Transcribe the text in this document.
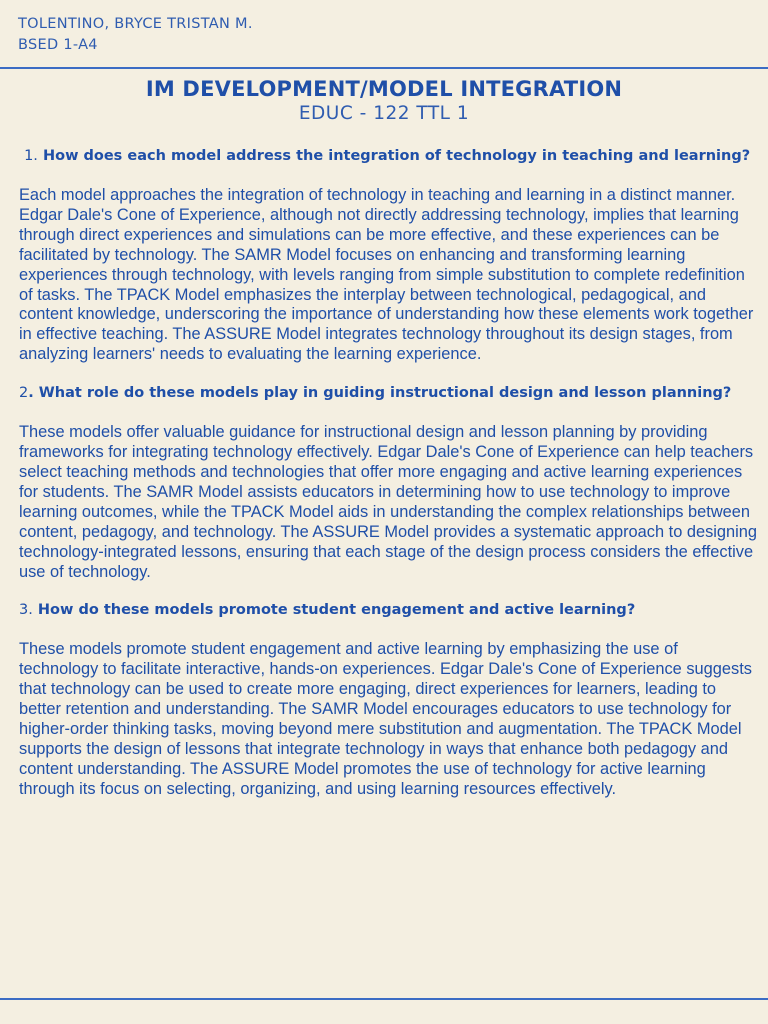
TOLENTINO, BRYCE TRISTAN M.
BSED 1-A4
IM DEVELOPMENT/MODEL INTEGRATION
EDUC - 122 TTL 1

1. How does each model address the integration of technology in teaching and learning?

Each model approaches the integration of technology in teaching and learning in a distinct manner. Edgar Dale's Cone of Experience, although not directly addressing technology, implies that learning through direct experiences and simulations can be more effective, and these experiences can be facilitated by technology. The SAMR Model focuses on enhancing and transforming learning experiences through technology, with levels ranging from simple substitution to complete redefinition of tasks. The TPACK Model emphasizes the interplay between technological, pedagogical, and content knowledge, underscoring the importance of understanding how these elements work together in effective teaching. The ASSURE Model integrates technology throughout its design stages, from analyzing learners' needs to evaluating the learning experience.

2. What role do these models play in guiding instructional design and lesson planning?

These models offer valuable guidance for instructional design and lesson planning by providing frameworks for integrating technology effectively. Edgar Dale's Cone of Experience can help teachers select teaching methods and technologies that offer more engaging and active learning experiences for students. The SAMR Model assists educators in determining how to use technology to improve learning outcomes, while the TPACK Model aids in understanding the complex relationships between content, pedagogy, and technology. The ASSURE Model provides a systematic approach to designing technology-integrated lessons, ensuring that each stage of the design process considers the effective use of technology.

3. How do these models promote student engagement and active learning?

These models promote student engagement and active learning by emphasizing the use of technology to facilitate interactive, hands-on experiences. Edgar Dale's Cone of Experience suggests that technology can be used to create more engaging, direct experiences for learners, leading to better retention and understanding. The SAMR Model encourages educators to use technology for higher-order thinking tasks, moving beyond mere substitution and augmentation. The TPACK Model supports the design of lessons that integrate technology in ways that enhance both pedagogy and content understanding. The ASSURE Model promotes the use of technology for active learning through its focus on selecting, organizing, and using learning resources effectively.
